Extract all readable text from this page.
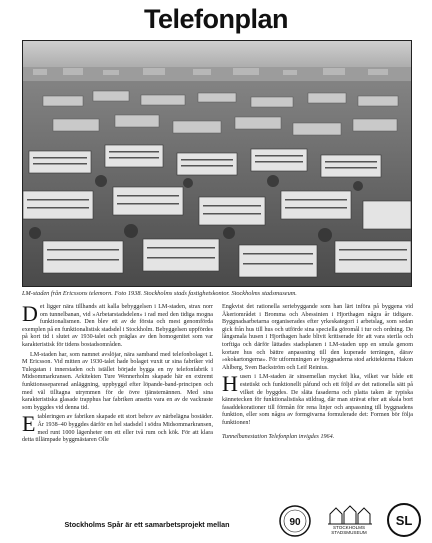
Telefonplan
LM-staden från Ericssons telетorn. Foto 1938. Stockholms stads fastighetskontor. Stockholms stadsmuseum.

Det ligger nära tillhands att kalla bebyggelsen i LM-staden, strax norr om tunnelbanan, vid »Arbetarstadsdelen» i rad med den tidiga mogna funktionalismen. Den blev ett av de första och mest genomförda exemplen på en funktionalistisk stadsdel i Stockholm. Bebyggelsen uppfördes på kort tid i slutet av 1930-talet och präglas av den homogenitet som var karakteristisk för tidens bostadsområden.

LM-staden har, som namnet avslöjar, nära samband med telefonbolaget L M Ericsson. Vid mitten av 1930-talet hade bolaget vuxit ur sina fabriker vid Tulegatan i innerstaden och istället började bygga en ny telefonfabrik i Midsommarkransen. Arkitekten Ture Wennerholm skapade här en extremt funktionsseparerad anläggning, uppbyggd efter löpande-band-principen och med väl tilltagna utrymmen för de övre tjänstemännen. Med sina karakteristiska glasade trapphus har fabriken ansetts vara en av de vackraste som byggdes vid denna tid.

Etableringen av fabriken skapade ett stort behov av närbelägna bostäder. År 1938–40 byggdes därför en hel stadsdel i södra Midsommarkransen, med runt 1000 lägenheter om ett eller två rum och kök. För att klara detta tillämpade byggmästaren Olle

Engkvist det rationella seriebyggande som han lärt införa på byggena vid Åkeriområdet i Bromma och Abessinien i Hjorthagen några år tidigare. Byggnadsarbetarna organiserades efter yrkeskategori i arbetslag, som sedan gick från hus till hus och utförde sina speciella göromål i tur och ordning. De långsmala husen i Hjorthagen hade blivit kritiserade för att vara sterila och torftiga och därför lättades stadsplanen i LM-staden upp en smula genom kortare hus och bättre anpassning till den kuperade terrängen, därav »skokartongerna». För utformningen av byggnaderna stod arkitekterna Hakon Ahlberg, Sven Backström och Leif Reinius.

Husen i LM-staden är sinsemellan mycket lika, vilket var både ett estetiskt och funktionellt påfund och ett följd av det rationella sätt på vilket de byggdes. De släta fasaderna och platta taken är typiska kännetecken för funktionalistiska stildrag, där man strävat efter att skala bort fasaddekorationer till förmån för rena linjer och anpassning till byggnadens funktion, eller som några av formgivarna formulerade det: Formen bör följa funktionen!

Tunnelbanestation Telefonplan invigdes 1964.

Stockholms Spår är ett samarbetsprojekt mellan	90	STOCKHOLMS
STADSMUSEUM
SL
